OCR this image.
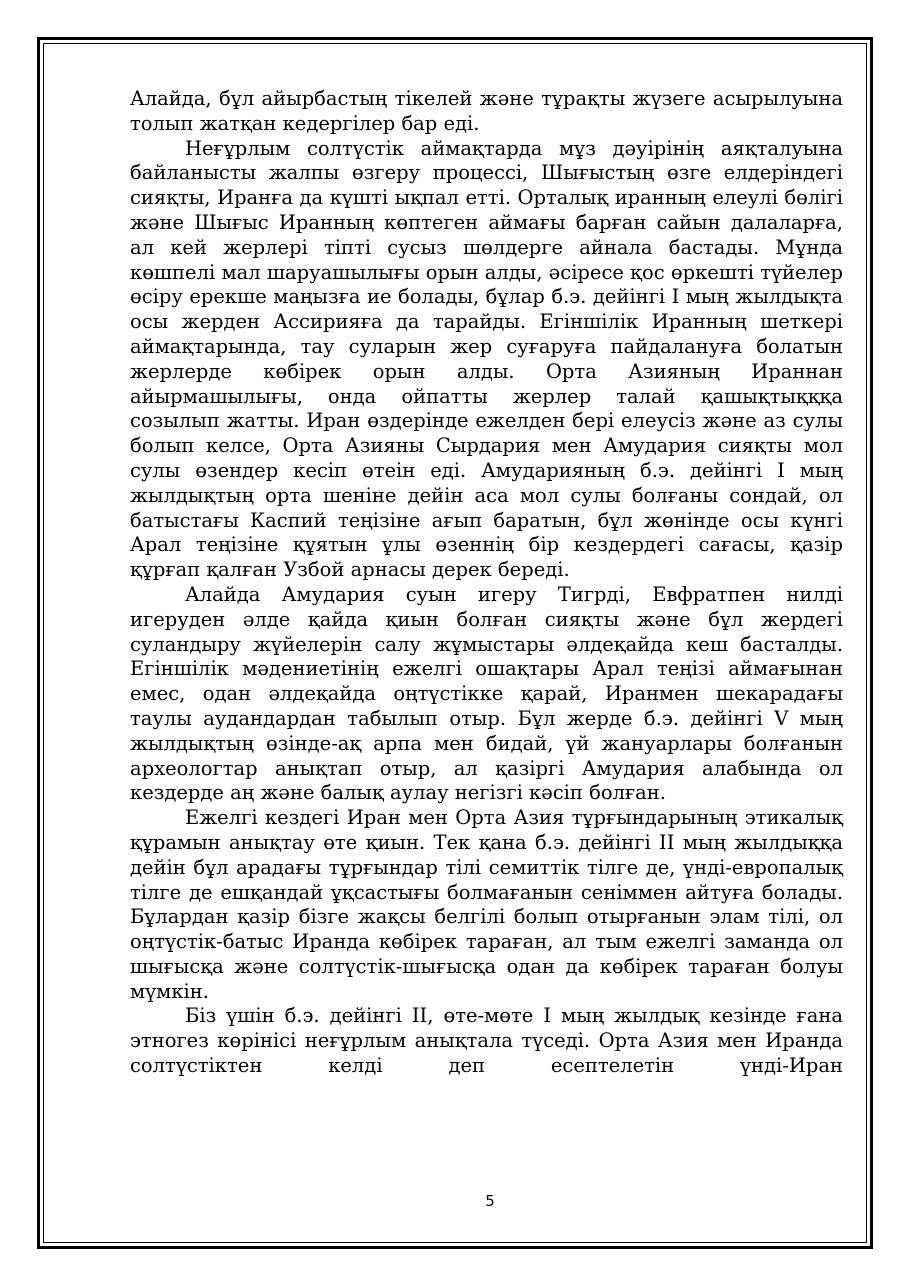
Алайда, бұл айырбастың тікелей және тұрақты жүзеге асырылуына толып жатқан кедергілер бар еді.

Неғұрлым солтүстік аймақтарда мұз дәуірінің аяқталуына байланысты жалпы өзгеру процессі, Шығыстың өзге елдеріндегі сияқты, Иранға да күшті ықпал етті. Орталық иранның елеулі бөлігі және Шығыс Иранның көптеген аймағы барған сайын далаларға, ал кей жерлері тіпті сусыз шөлдерге айнала бастады. Мұнда көшпелі мал шаруашылығы орын алды, әсіресе қос өркешті түйелер өсіру ерекше маңызға ие болады, бұлар б.э. дейінгі І мың жылдықта осы жерден Ассирияға да тарайды. Егіншілік Иранның шеткері аймақтарында, тау суларын жер суғаруға пайдалануға болатын жерлерде көбірек орын алды. Орта Азияның Ираннан айырмашылығы, онда ойпатты жерлер талай қашықтықққа созылып жатты. Иран өздерінде ежелден бері елеусіз және аз сулы болып келсе, Орта Азияны Сырдария мен Амудария сияқты мол сулы өзендер кесіп өтеін еді. Амударияның б.э. дейінгі І мың жылдықтың орта шеніне дейін аса мол сулы болғаны сондай, ол батыстағы Каспий теңізіне ағып баратын, бұл жөнінде осы күнгі Арал теңізіне құятын ұлы өзеннің бір кездердегі сағасы, қазір құрғап қалған Узбой арнасы дерек береді.

Алайда Амудария суын игеру Тигрді, Евфратпен нилді игеруден әлде қайда қиын болған сияқты және бұл жердегі суландыру жүйелерін салу жұмыстары әлдеқайда кеш басталды. Егіншілік мәдениетінің ежелгі ошақтары Арал теңізі аймағынан емес, одан әлдеқайда оңтүстікке қарай, Иранмен шекарадағы таулы аудандардан табылып отыр. Бұл жерде б.э. дейінгі V мың жылдықтың өзінде-ақ арпа мен бидай, үй жануарлары болғанын археологтар анықтап отыр, ал қазіргі Амудария алабында ол кездерде аң және балық аулау негізгі кәсіп болған.

Ежелгі кездегі Иран мен Орта Азия тұрғындарының этикалық құрамын анықтау өте қиын. Тек қана б.э. дейінгі ІІ мың жылдыққа дейін бұл арадағы тұрғындар тілі семиттік тілге де, үнді-европалық тілге де ешқандай ұқсастығы болмағанын сеніммен айтуға болады. Бұлардан қазір бізге жақсы белгілі болып отырғанын элам тілі, ол оңтүстік-батыс Иранда көбірек тараған, ал тым ежелгі заманда ол шығысқа және солтүстік-шығысқа одан да көбірек тараған болуы мүмкін.

Біз үшін б.э. дейінгі ІІ, өте-мөте І мың жылдық кезінде ғана этногез көрінісі неғұрлым анықтала түседі. Орта Азия мен Иранда солтүстіктен келді деп есептелетін үнді-Иран

5
